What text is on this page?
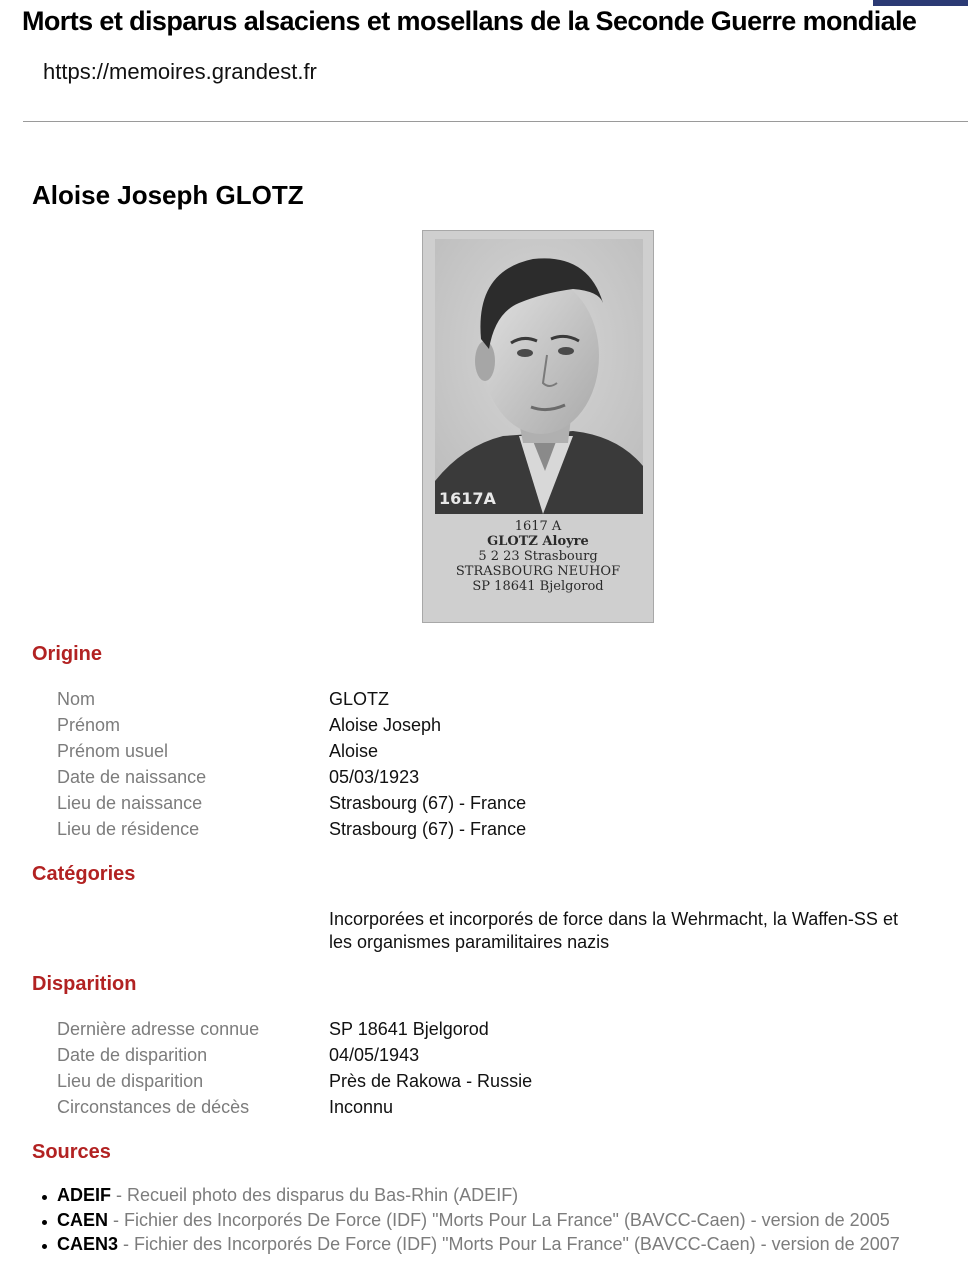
Morts et disparus alsaciens et mosellans de la Seconde Guerre mondiale
https://memoires.grandest.fr
Aloise Joseph GLOTZ
1617A
1617 A
GLOTZ Aloyre
5 2 23 Strasbourg
STRASBOURG NEUHOF
SP 18641 Bjelgorod
Origine
Nom	GLOTZ
Prénom	Aloise Joseph
Prénom usuel	Aloise
Date de naissance	05/03/1923
Lieu de naissance	Strasbourg (67) - France
Lieu de résidence	Strasbourg (67) - France
Catégories
Incorporées et incorporés de force dans la Wehrmacht, la Waffen-SS et les organismes paramilitaires nazis
Disparition
Dernière adresse connue	SP 18641 Bjelgorod
Date de disparition	04/05/1943
Lieu de disparition	Près de Rakowa - Russie
Circonstances de décès	Inconnu
Sources
ADEIF - Recueil photo des disparus du Bas-Rhin (ADEIF)
CAEN - Fichier des Incorporés De Force (IDF) "Morts Pour La France" (BAVCC-Caen) - version de 2005
CAEN3 - Fichier des Incorporés De Force (IDF) "Morts Pour La France" (BAVCC-Caen) - version de 2007
